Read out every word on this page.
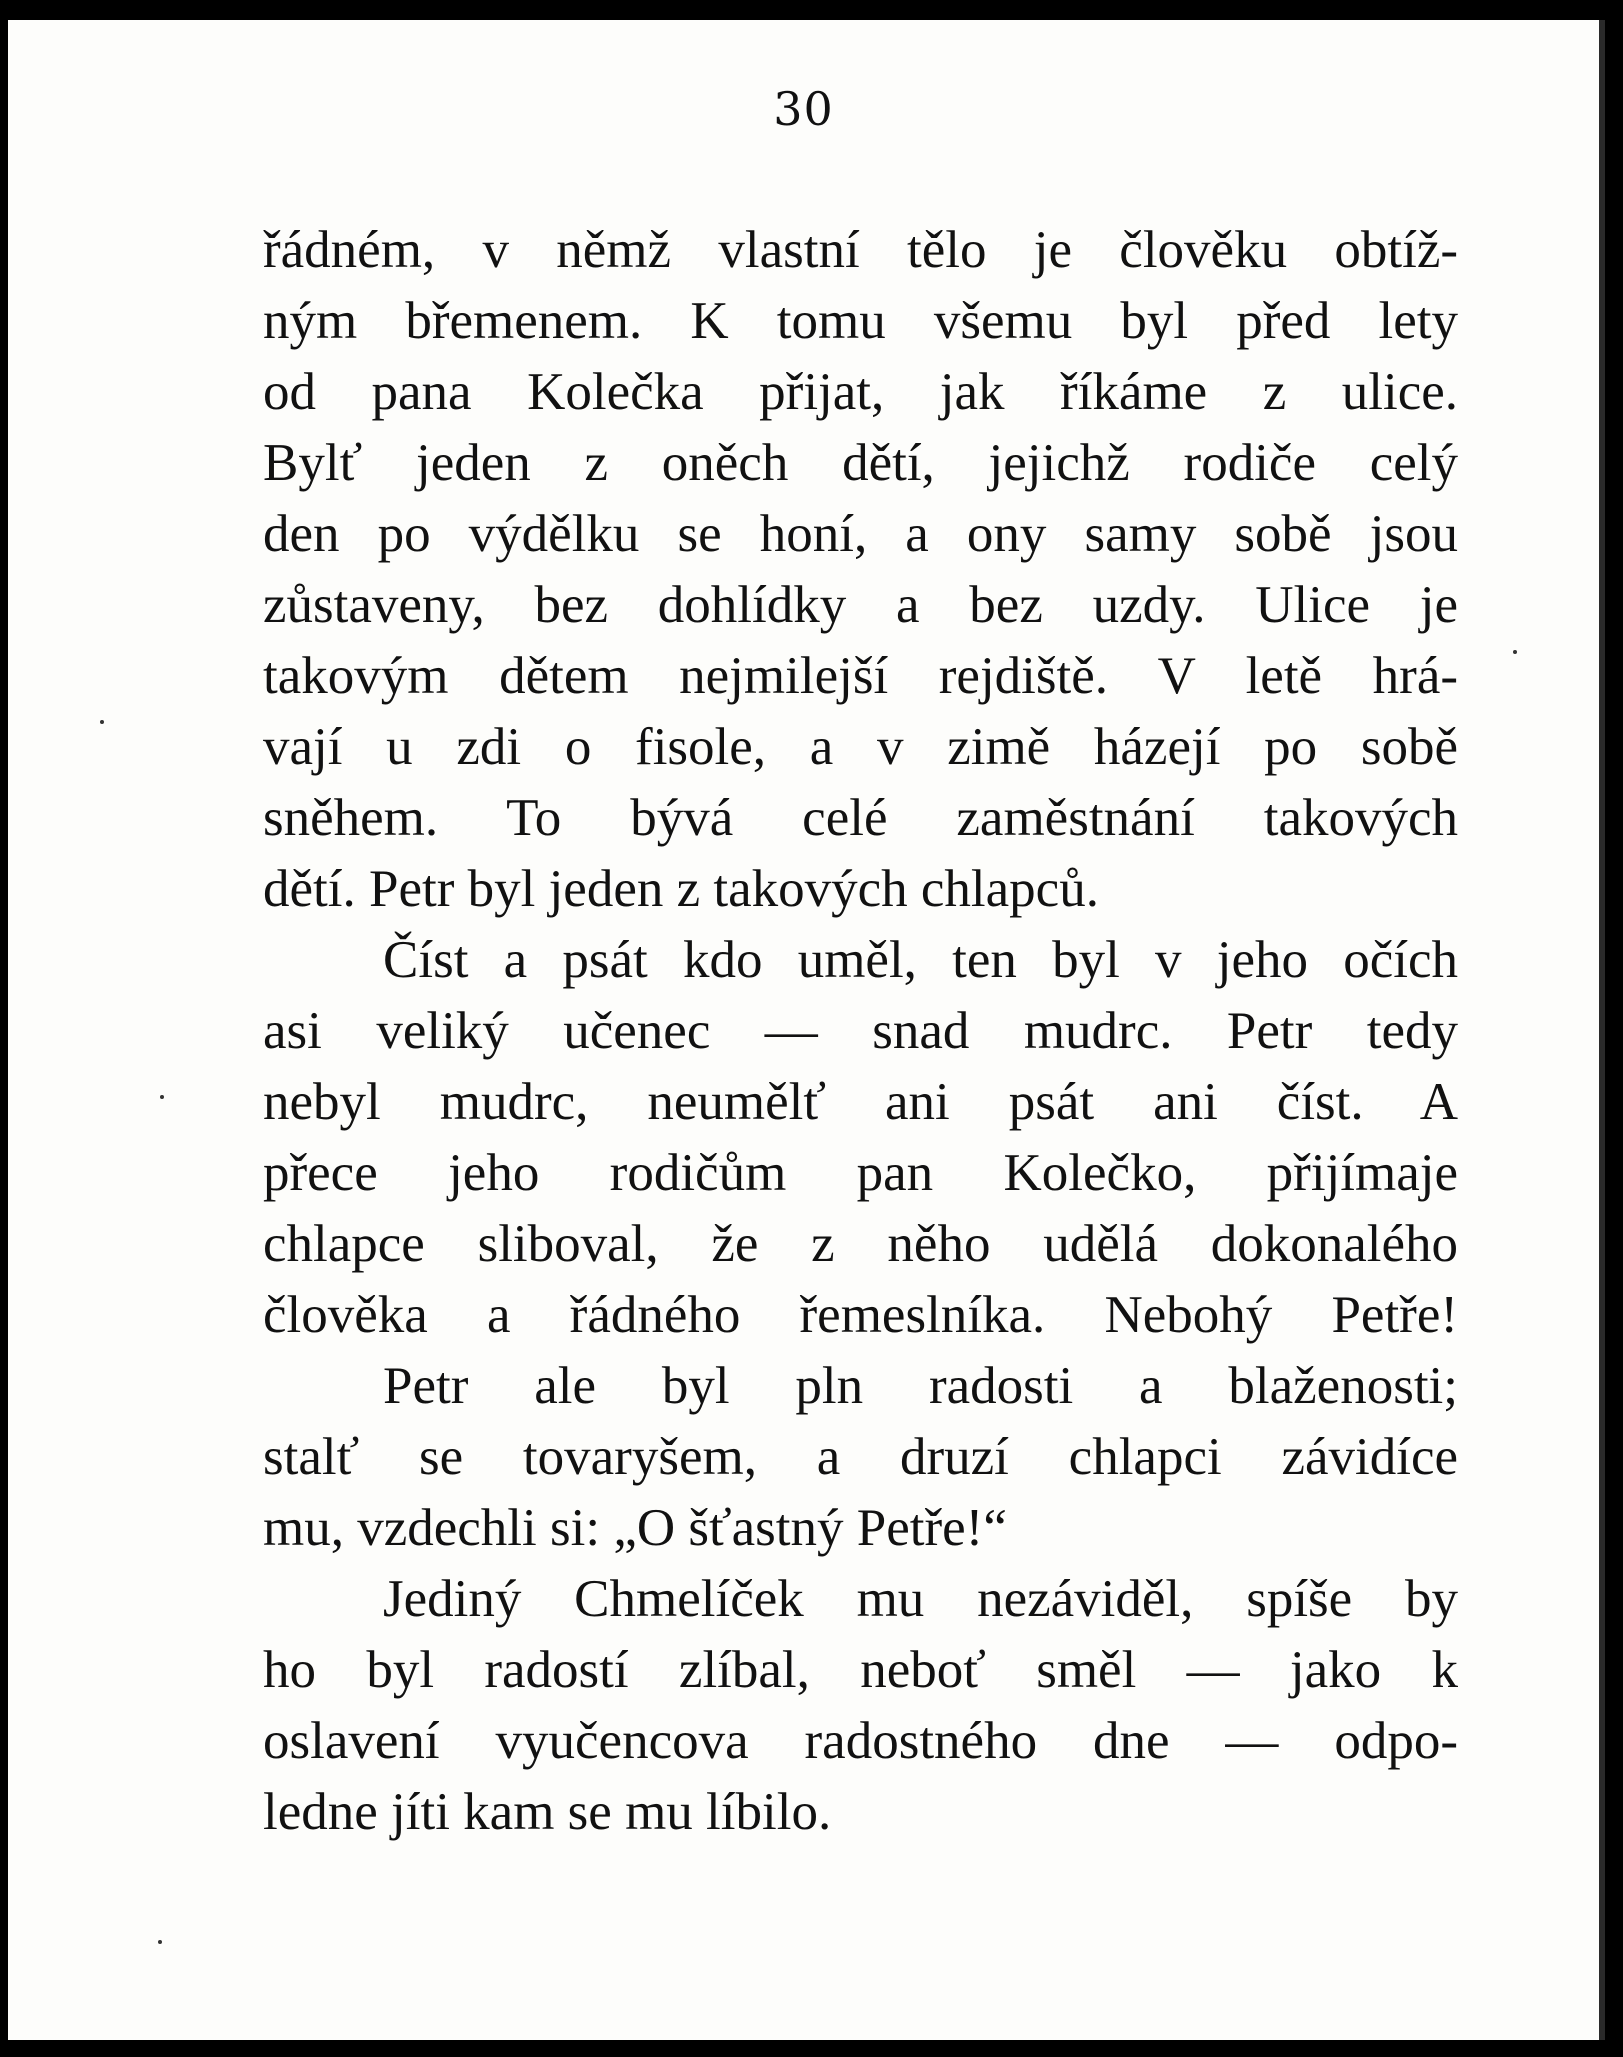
30
řádném, v němž vlastní tělo je člověku obtíž-
ným břemenem. K tomu všemu byl před lety
od pana Kolečka přijat, jak říkáme z ulice.
Bylť jeden z oněch dětí, jejichž rodiče celý
den po výdělku se honí, a ony samy sobě jsou
zůstaveny, bez dohlídky a bez uzdy. Ulice je
takovým dětem nejmilejší rejdiště. V letě hrá-
vají u zdi o fisole, a v zimě házejí po sobě
sněhem. To bývá celé zaměstnání takových
dětí. Petr byl jeden z takových chlapců.
Číst a psát kdo uměl, ten byl v jeho očích
asi veliký učenec — snad mudrc. Petr tedy
nebyl mudrc, neumělť ani psát ani číst. A
přece jeho rodičům pan Kolečko, přijímaje
chlapce sliboval, že z něho udělá dokonalého
člověka a řádného řemeslníka. Nebohý Petře!
Petr ale byl pln radosti a blaženosti;
stalť se tovaryšem, a druzí chlapci závidíce
mu, vzdechli si: „O šťastný Petře!“
Jediný Chmelíček mu nezáviděl, spíše by
ho byl radostí zlíbal, neboť směl — jako k
oslavení vyučencova radostného dne — odpo-
ledne jíti kam se mu líbilo.
